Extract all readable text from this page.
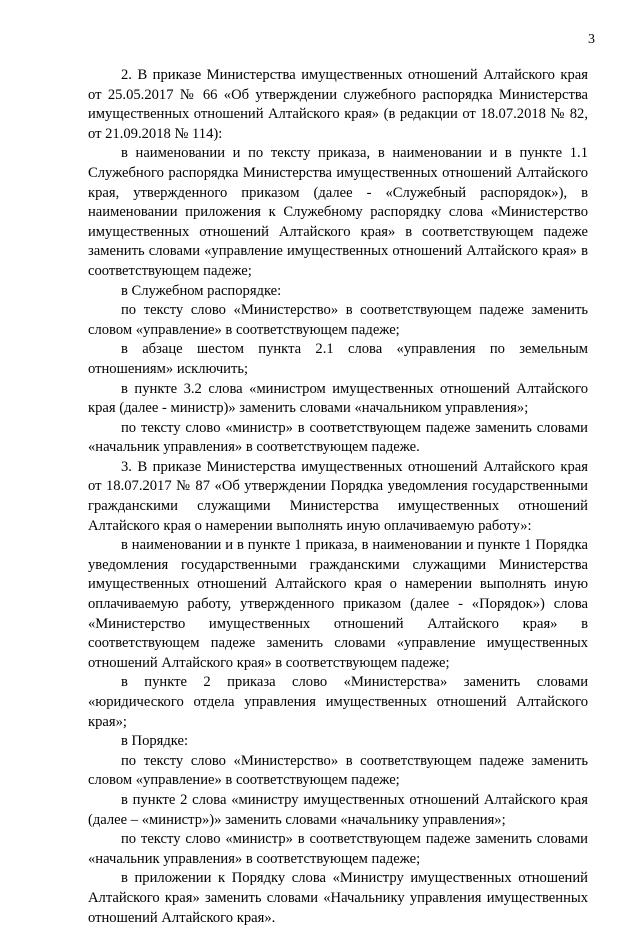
3

2. В приказе Министерства имущественных отношений Алтайского края от 25.05.2017 № 66 «Об утверждении служебного распорядка Министерства имущественных отношений Алтайского края» (в редакции от 18.07.2018 № 82, от 21.09.2018 № 114):

в наименовании и по тексту приказа, в наименовании и в пункте 1.1 Служебного распорядка Министерства имущественных отношений Алтайского края, утвержденного приказом (далее - «Служебный распорядок»), в наименовании приложения к Служебному распорядку слова «Министерство имущественных отношений Алтайского края» в соответствующем падеже заменить словами «управление имущественных отношений Алтайского края» в соответствующем падеже;

в Служебном распорядке:

по тексту слово «Министерство» в соответствующем падеже заменить словом «управление» в соответствующем падеже;

в абзаце шестом пункта 2.1 слова «управления по земельным отношениям» исключить;

в пункте 3.2 слова «министром имущественных отношений Алтайского края (далее - министр)» заменить словами «начальником управления»;

по тексту слово «министр» в соответствующем падеже заменить словами «начальник управления» в соответствующем падеже.

3. В приказе Министерства имущественных отношений Алтайского края от 18.07.2017 № 87 «Об утверждении Порядка уведомления государственными гражданскими служащими Министерства имущественных отношений Алтайского края о намерении выполнять иную оплачиваемую работу»:

в наименовании и в пункте 1 приказа, в наименовании и пункте 1 Порядка уведомления государственными гражданскими служащими Министерства имущественных отношений Алтайского края о намерении выполнять иную оплачиваемую работу, утвержденного приказом (далее - «Порядок») слова «Министерство имущественных отношений Алтайского края» в соответствующем падеже заменить словами «управление имущественных отношений Алтайского края» в соответствующем падеже;

в пункте 2 приказа слово «Министерства» заменить словами «юридического отдела управления имущественных отношений Алтайского края»;

в Порядке:

по тексту слово «Министерство» в соответствующем падеже заменить словом «управление» в соответствующем падеже;

в пункте 2 слова «министру имущественных отношений Алтайского края (далее – «министр»)» заменить словами «начальнику управления»;

по тексту слово «министр» в соответствующем падеже заменить словами «начальник управления» в соответствующем падеже;

в приложении к Порядку слова «Министру имущественных отношений Алтайского края» заменить словами «Начальнику управления имущественных отношений Алтайского края».
